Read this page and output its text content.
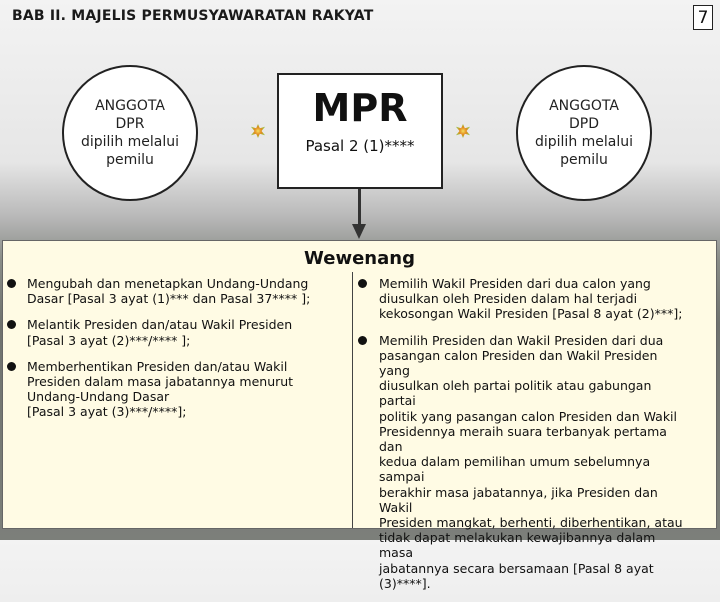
BAB II. MAJELIS PERMUSYAWARATAN RAKYAT	7
ANGGOTA
DPR
dipilih melalui
pemilu
MPR
Pasal 2 (1)****
ANGGOTA
DPD
dipilih melalui
pemilu
Wewenang
Mengubah dan menetapkan Undang-Undang
Dasar [Pasal 3 ayat (1)*** dan Pasal 37**** ];
Melantik Presiden dan/atau Wakil Presiden
[Pasal 3 ayat (2)***/**** ];
Memberhentikan Presiden dan/atau Wakil
Presiden dalam masa jabatannya menurut
Undang-Undang Dasar
[Pasal 3 ayat (3)***/****];
Memilih Wakil Presiden dari dua calon yang
diusulkan oleh Presiden dalam hal terjadi
kekosongan Wakil Presiden [Pasal 8 ayat (2)***];
Memilih Presiden dan Wakil Presiden dari dua
pasangan calon Presiden dan Wakil Presiden yang
diusulkan oleh partai politik atau gabungan partai
politik yang pasangan calon Presiden dan Wakil
Presidennya meraih suara terbanyak pertama dan
kedua dalam pemilihan umum sebelumnya sampai
berakhir masa jabatannya, jika Presiden dan Wakil
Presiden mangkat, berhenti, diberhentikan, atau
tidak dapat melakukan kewajibannya dalam masa
jabatannya secara bersamaan [Pasal 8 ayat
(3)****].
